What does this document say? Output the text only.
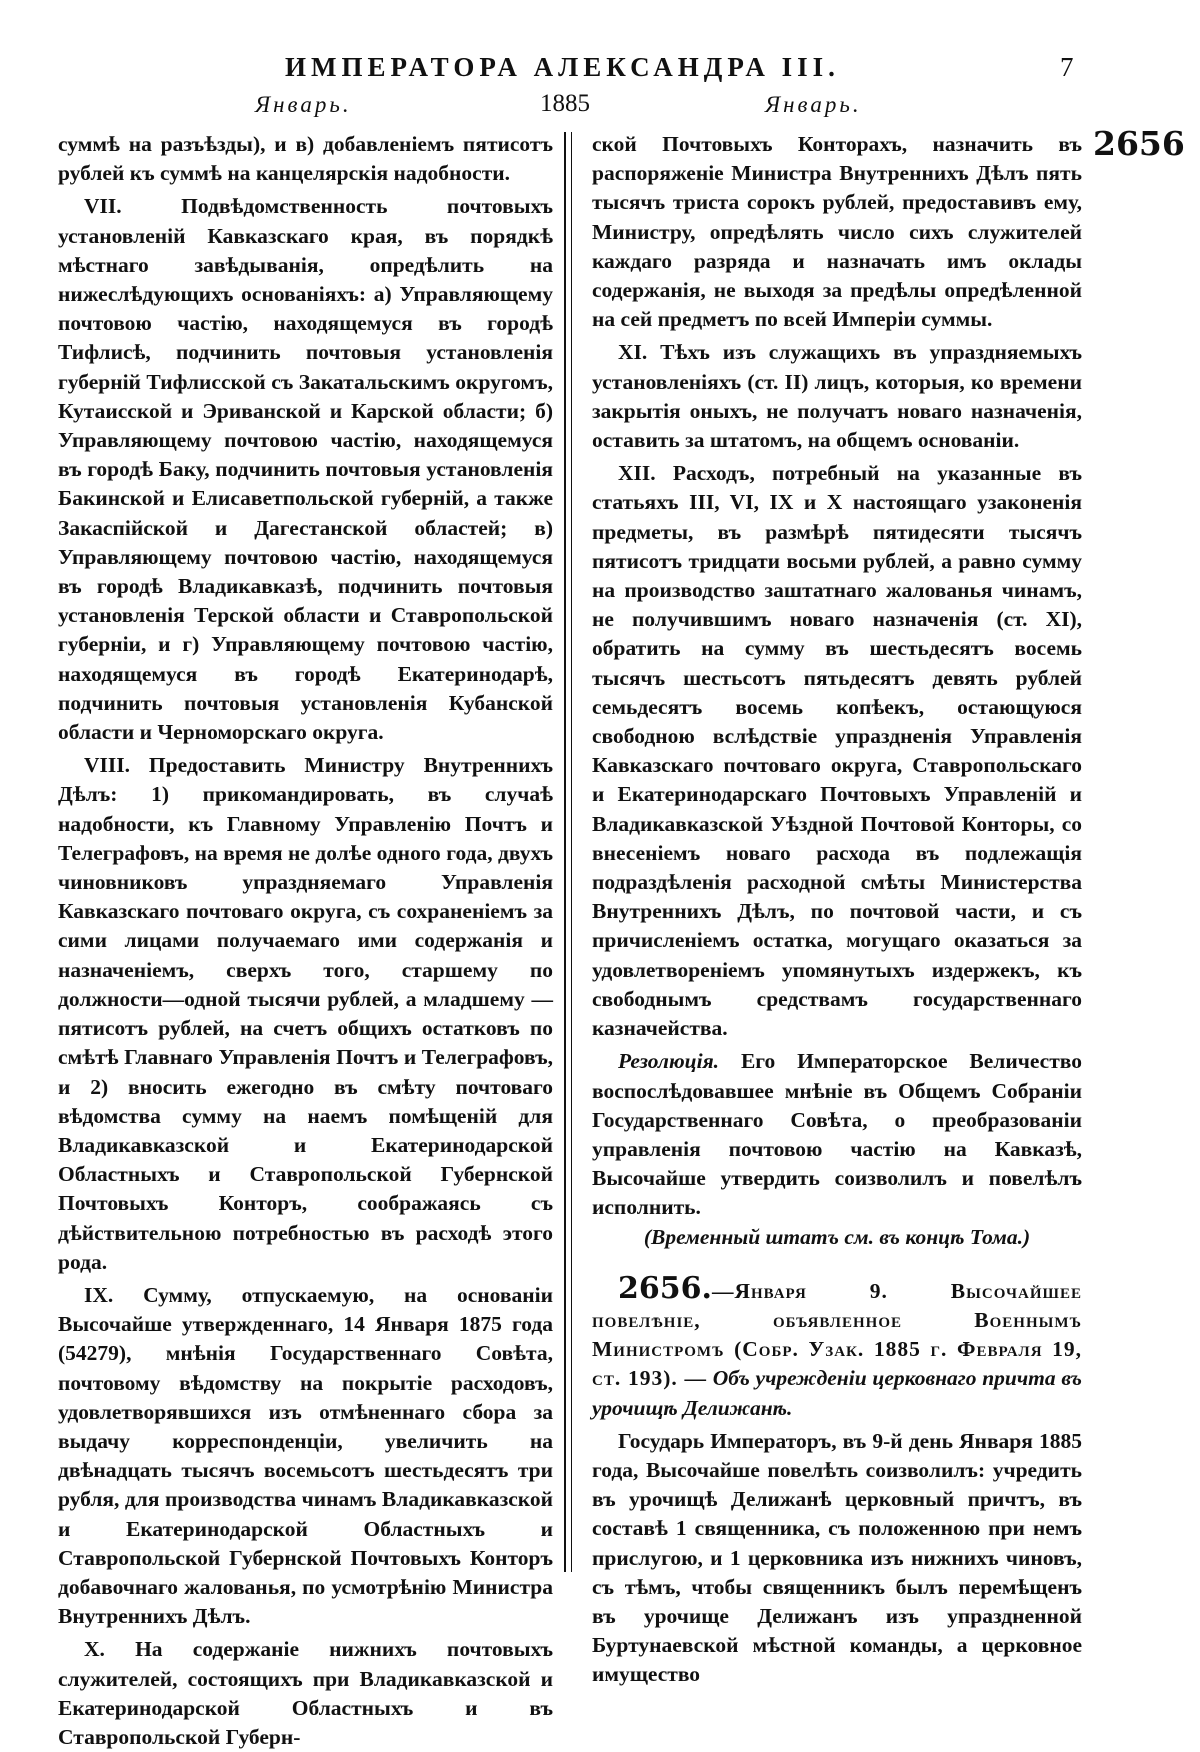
ИМПЕРАТОРА АЛЕКСАНДРА III.	7
Январь.	1885	Январь.
2656

суммѣ на разъѣзды), и в) добавленіемъ пятисотъ рублей къ суммѣ на канцелярскія надобности.

VII. Подвѣдомственность почтовыхъ установленій Кавказскаго края, въ порядкѣ мѣстнаго завѣдыванія, опредѣлить на нижеслѣдующихъ основаніяхъ: а) Управляющему почтовою частію, находящемуся въ городѣ Тифлисѣ, подчинить почтовыя установленія губерній Тифлисской съ Закатальскимъ округомъ, Кутаисской и Эриванской и Карской области; б) Управляющему почтовою частію, находящемуся въ городѣ Баку, подчинить почтовыя установленія Бакинской и Елисаветпольской губерній, а также Закаспійской и Дагестанской областей; в) Управляющему почтовою частію, находящемуся въ городѣ Владикавказѣ, подчинить почтовыя установленія Терской области и Ставропольской губерніи, и г) Управляющему почтовою частію, находящемуся въ городѣ Екатеринодарѣ, подчинить почтовыя установленія Кубанской области и Черноморскаго округа.

VIII. Предоставить Министру Внутреннихъ Дѣлъ: 1) прикомандировать, въ случаѣ надобности, къ Главному Управленію Почтъ и Телеграфовъ, на время не долѣе одного года, двухъ чиновниковъ упраздняемаго Управленія Кавказскаго почтоваго округа, съ сохраненіемъ за сими лицами получаемаго ими содержанія и назначеніемъ, сверхъ того, старшему по должности—одной тысячи рублей, а младшему — пятисотъ рублей, на счетъ общихъ остатковъ по смѣтѣ Главнаго Управленія Почтъ и Телеграфовъ, и 2) вносить ежегодно въ смѣту почтоваго вѣдомства сумму на наемъ помѣщеній для Владикавказской и Екатеринодарской Областныхъ и Ставропольской Губернской Почтовыхъ Конторъ, соображаясь съ дѣйствительною потребностью въ расходѣ этого рода.

IX. Сумму, отпускаемую, на основаніи Высочайше утвержденнаго, 14 Января 1875 года (54279), мнѣнія Государственнаго Совѣта, почтовому вѣдомству на покрытіе расходовъ, удовлетворявшихся изъ отмѣненнаго сбора за выдачу корреспонденціи, увеличить на двѣнадцать тысячъ восемьсотъ шестьдесятъ три рубля, для производства чинамъ Владикавказской и Екатеринодарской Областныхъ и Ставропольской Губернской Почтовыхъ Конторъ добавочнаго жалованья, по усмотрѣнію Министра Внутреннихъ Дѣлъ.

X. На содержаніе нижнихъ почтовыхъ служителей, состоящихъ при Владикавказской и Екатеринодарской Областныхъ и въ Ставропольской Губерн-

ской Почтовыхъ Конторахъ, назначить въ распоряженіе Министра Внутреннихъ Дѣлъ пять тысячъ триста сорокъ рублей, предоставивъ ему, Министру, опредѣлять число сихъ служителей каждаго разряда и назначать имъ оклады содержанія, не выходя за предѣлы опредѣленной на сей предметъ по всей Имперіи суммы.

XI. Тѣхъ изъ служащихъ въ упраздняемыхъ установленіяхъ (ст. II) лицъ, которыя, ко времени закрытія оныхъ, не получатъ новаго назначенія, оставить за штатомъ, на общемъ основаніи.

XII. Расходъ, потребный на указанные въ статьяхъ III, VI, IX и X настоящаго узаконенія предметы, въ размѣрѣ пятидесяти тысячъ пятисотъ тридцати восьми рублей, а равно сумму на производство заштатнаго жалованья чинамъ, не получившимъ новаго назначенія (ст. XI), обратить на сумму въ шестьдесятъ восемь тысячъ шестьсотъ пятьдесятъ девять рублей семьдесятъ восемь копѣекъ, остающуюся свободною вслѣдствіе упраздненія Управленія Кавказскаго почтоваго округа, Ставропольскаго и Екатеринодарскаго Почтовыхъ Управленій и Владикавказской Уѣздной Почтовой Конторы, со внесеніемъ новаго расхода въ подлежащія подраздѣленія расходной смѣты Министерства Внутреннихъ Дѣлъ, по почтовой части, и съ причисленіемъ остатка, могущаго оказаться за удовлетвореніемъ упомянутыхъ издержекъ, къ свободнымъ средствамъ государственнаго казначейства.

Резолюція. Его Императорское Величество воспослѣдовавшее мнѣніе въ Общемъ Собраніи Государственнаго Совѣта, о преобразованіи управленія почтовою частію на Кавказѣ, Высочайше утвердить соизволилъ и повелѣлъ исполнить.

(Временный штатъ см. въ концѣ Тома.)

2656.—Января 9. Высочайшее повелѣніе, объявленное Военнымъ Министромъ (Собр. Узак. 1885 г. Февраля 19, ст. 193). — Объ учрежденіи церковнаго причта въ урочищѣ Делижанѣ.

Государь Императоръ, въ 9-й день Января 1885 года, Высочайше повелѣть соизволилъ: учредить въ урочищѣ Делижанѣ церковный причтъ, въ составѣ 1 священника, съ положенною при немъ прислугою, и 1 церковника изъ нижнихъ чиновъ, съ тѣмъ, чтобы священникъ былъ перемѣщенъ въ урочище Делижанъ изъ упраздненной Буртунаевской мѣстной команды, а церковное имущество
